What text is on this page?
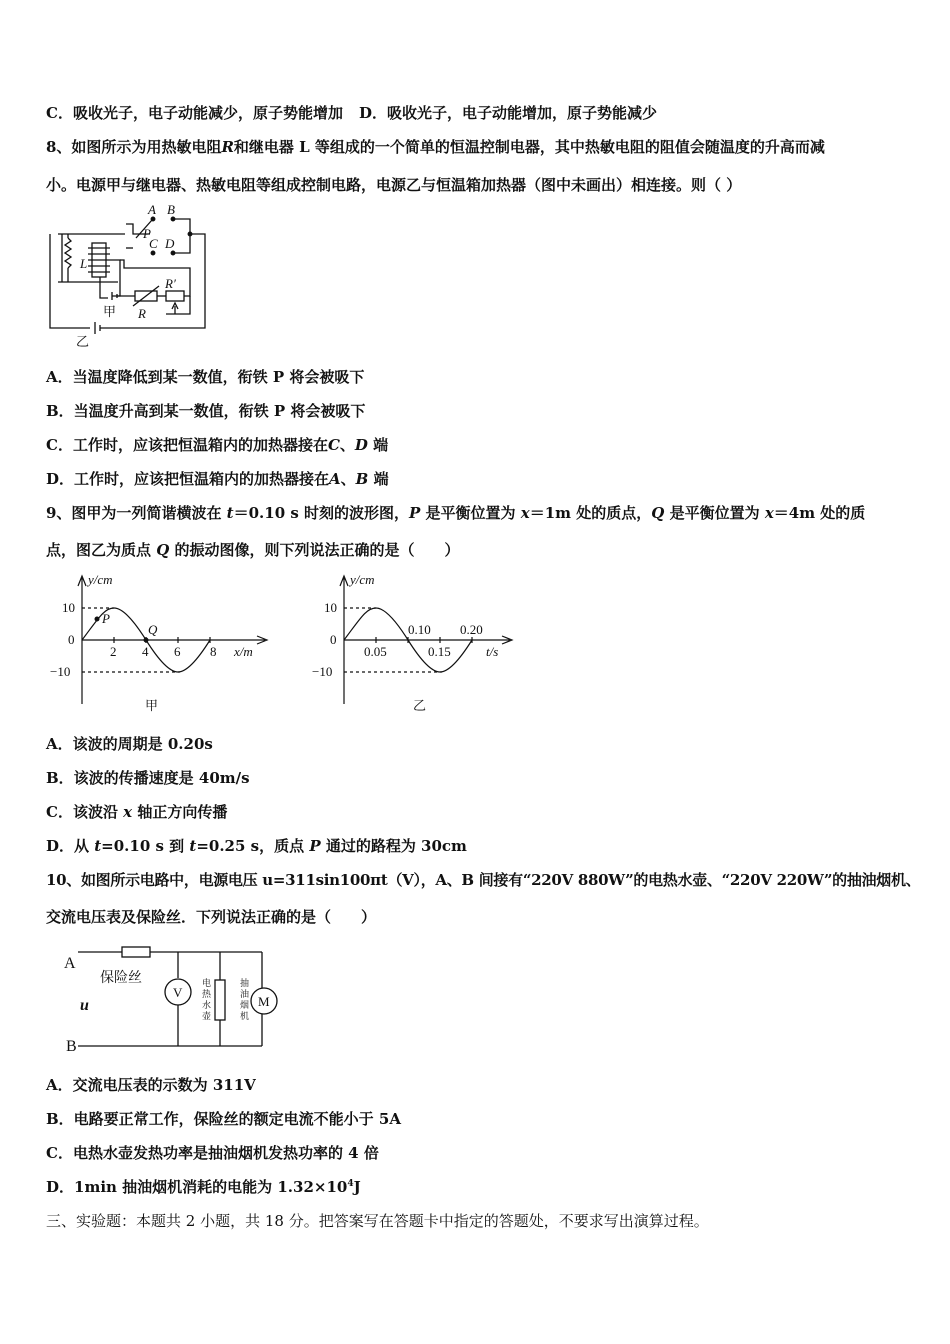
C．吸收光子，电子动能减少，原子势能增加 D．吸收光子，电子动能增加，原子势能减少
8、如图所示为用热敏电阻R和继电器 L 等组成的一个简单的恒温控制电器，其中热敏电阻的阻值会随温度的升高而减
小。电源甲与继电器、热敏电阻等组成控制电路，电源乙与恒温箱加热器（图中未画出）相连接。则（ ）
A B
P
C D
L
R
R′
甲
乙
A．当温度降低到某一数值，衔铁 P 将会被吸下
B．当温度升高到某一数值，衔铁 P 将会被吸下
C．工作时，应该把恒温箱内的加热器接在C、D 端
D．工作时，应该把恒温箱内的加热器接在A、B 端
9、图甲为一列简谐横波在 t＝0.10 s 时刻的波形图，P 是平衡位置为 x＝1m 处的质点，Q 是平衡位置为 x＝4m 处的质
点，图乙为质点 Q 的振动图像，则下列说法正确的是（　　）
y/cm
10
0
−10
2 4 6 8 x/m
P
Q
甲
y/cm
10
0
−10
0.10 0.20
0.05	0.15	t/s
乙
A．该波的周期是 0.20s
B．该波的传播速度是 40m/s
C．该波沿 x 轴正方向传播
D．从 t=0.10 s 到 t=0.25 s，质点 P 通过的路程为 30cm
10、如图所示电路中，电源电压 u=311sin100πt（V），A、B 间接有“220V 880W”的电热水壶、“220V 220W”的抽油烟机、
交流电压表及保险丝．下列说法正确的是（　　）
A
B
u
保险丝
V
M
电
热
水
壶
抽
油
烟
机
A．交流电压表的示数为 311V
B．电路要正常工作，保险丝的额定电流不能小于 5A
C．电热水壶发热功率是抽油烟机发热功率的 4 倍
D．1min 抽油烟机消耗的电能为 $1.32\times 10^4J$
三、实验题：本题共 2 小题，共 18 分。把答案写在答题卡中指定的答题处，不要求写出演算过程。
